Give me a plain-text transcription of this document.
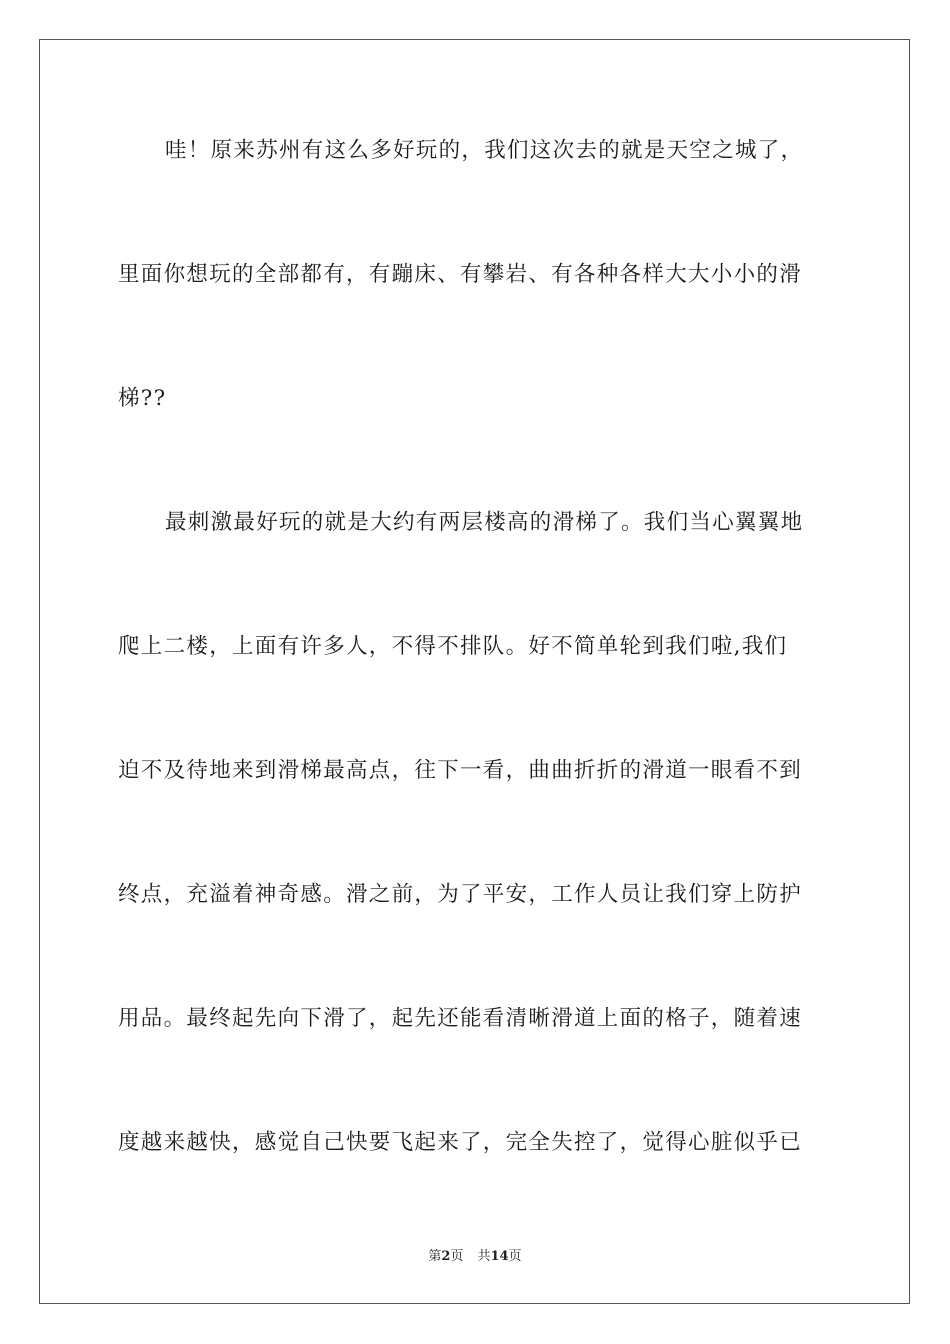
哇！原来苏州有这么多好玩的，我们这次去的就是天空之城了，
里面你想玩的全部都有，有蹦床、有攀岩、有各种各样大大小小的滑
梯??
最刺激最好玩的就是大约有两层楼高的滑梯了。我们当心翼翼地
爬上二楼，上面有许多人，不得不排队。好不简单轮到我们啦,我们
迫不及待地来到滑梯最高点，往下一看，曲曲折折的滑道一眼看不到
终点，充溢着神奇感。滑之前，为了平安，工作人员让我们穿上防护
用品。最终起先向下滑了，起先还能看清晰滑道上面的格子，随着速
度越来越快，感觉自己快要飞起来了，完全失控了，觉得心脏似乎已
第2页 共14页
